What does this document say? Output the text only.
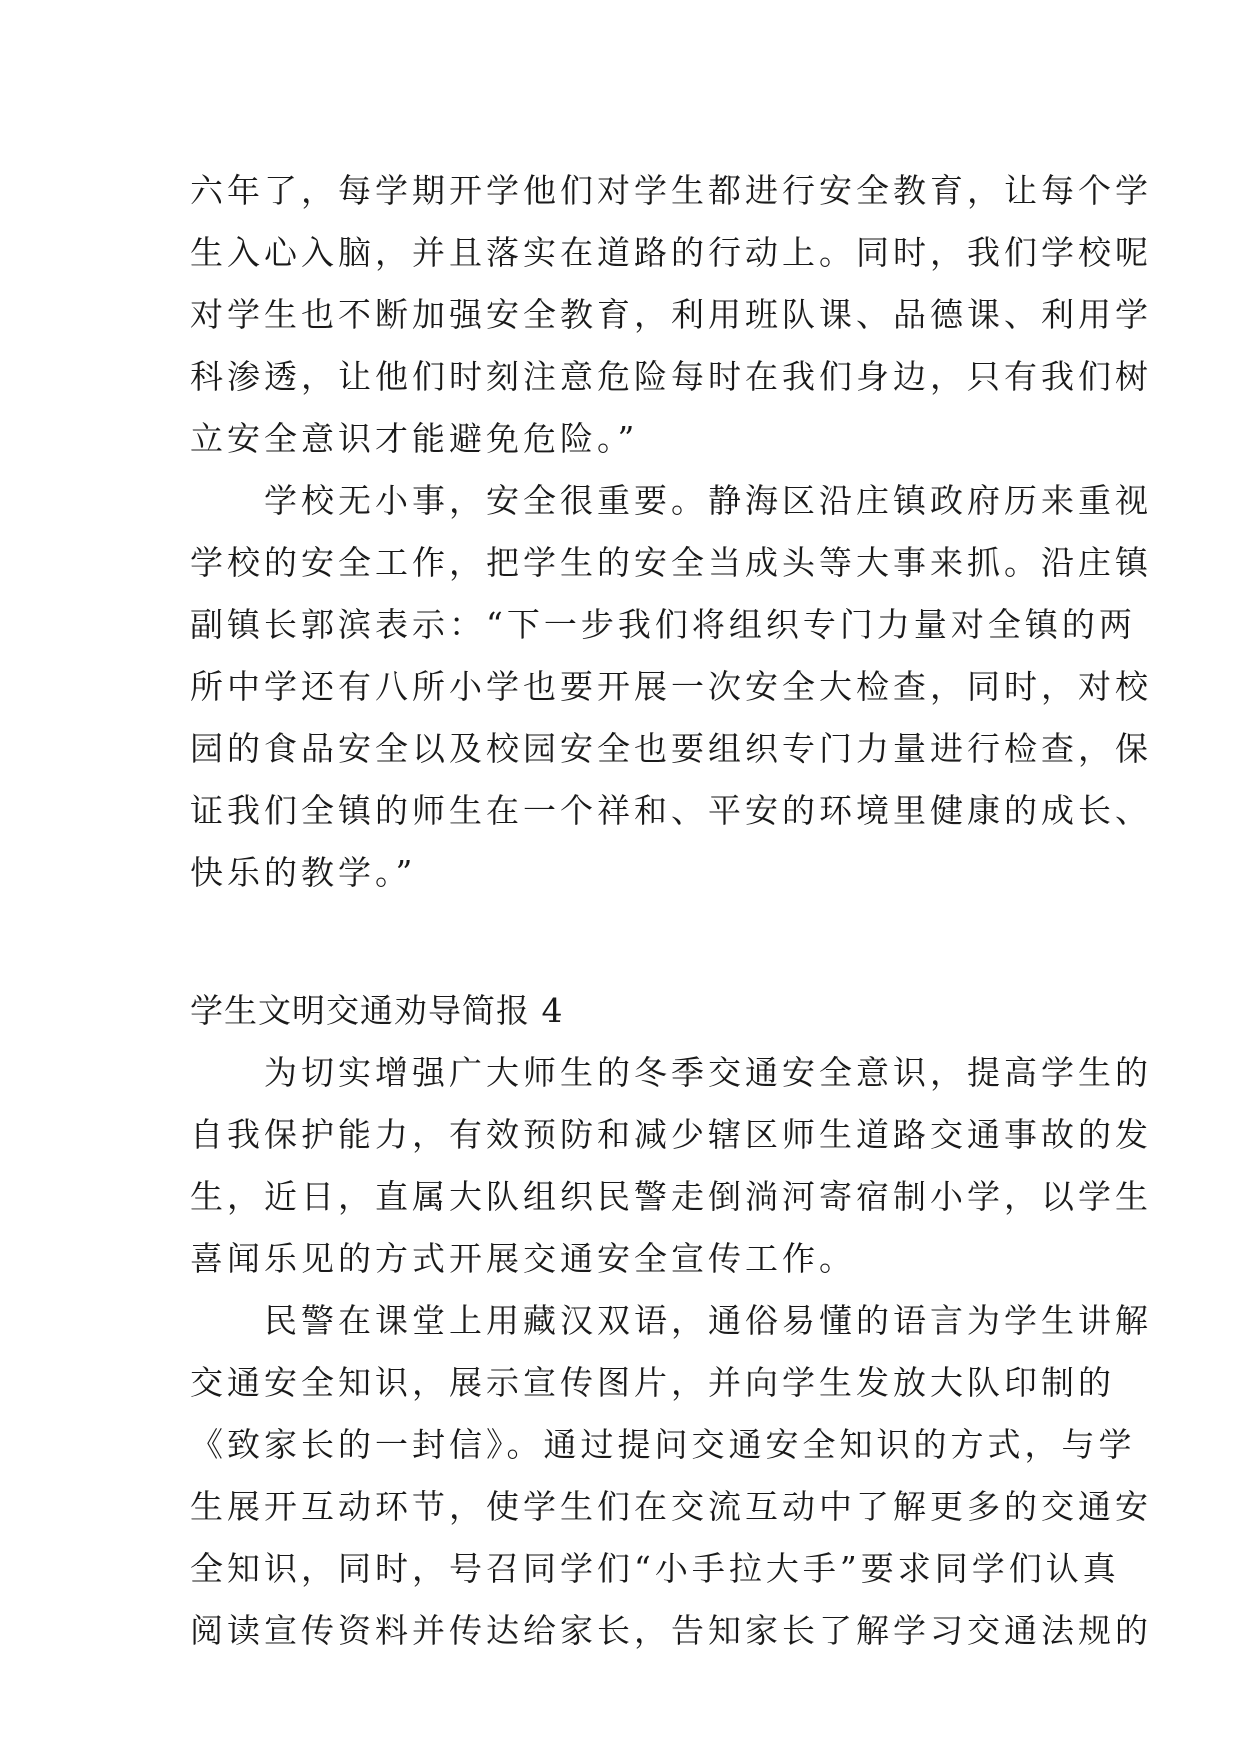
六年了，每学期开学他们对学生都进行安全教育，让每个学
生入心入脑，并且落实在道路的行动上。同时，我们学校呢
对学生也不断加强安全教育，利用班队课、品德课、利用学
科渗透，让他们时刻注意危险每时在我们身边，只有我们树
立安全意识才能避免危险。”
　　学校无小事，安全很重要。静海区沿庄镇政府历来重视
学校的安全工作，把学生的安全当成头等大事来抓。沿庄镇
副镇长郭滨表示：“下一步我们将组织专门力量对全镇的两
所中学还有八所小学也要开展一次安全大检查，同时，对校
园的食品安全以及校园安全也要组织专门力量进行检查，保
证我们全镇的师生在一个祥和、平安的环境里健康的成长、
快乐的教学。”
学生文明交通劝导简报 4
　　为切实增强广大师生的冬季交通安全意识，提高学生的
自我保护能力，有效预防和减少辖区师生道路交通事故的发
生，近日，直属大队组织民警走倒淌河寄宿制小学，以学生
喜闻乐见的方式开展交通安全宣传工作。
　　民警在课堂上用藏汉双语，通俗易懂的语言为学生讲解
交通安全知识，展示宣传图片，并向学生发放大队印制的
《致家长的一封信》。通过提问交通安全知识的方式，与学
生展开互动环节，使学生们在交流互动中了解更多的交通安
全知识，同时，号召同学们“小手拉大手”要求同学们认真
阅读宣传资料并传达给家长，告知家长了解学习交通法规的
